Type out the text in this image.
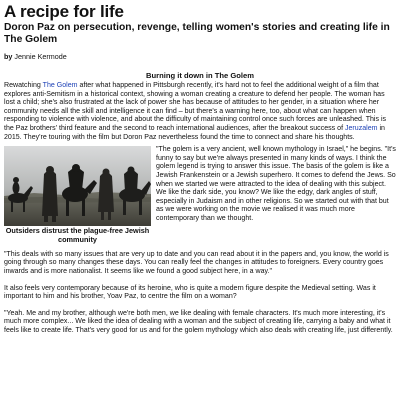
A recipe for life
Doron Paz on persecution, revenge, telling women's stories and creating life in The Golem
by Jennie Kermode
Burning it down in The Golem

Rewatching The Golem after what happened in Pittsburgh recently, it's hard not to feel the additional weight of a film that explores anti-Semitism in a historical context, showing a woman creating a creature to defend her people. The woman has lost a child; she's also frustrated at the lack of power she has because of attitudes to her gender, in a situation where her community needs all the skill and intelligence it can find – but there's a warning here, too, about what can happen when responding to violence with violence, and about the difficulty of maintaining control once such forces are unleashed. This is the Paz brothers' third feature and the second to reach international audiences, after the breakout success of Jeruzalem in 2015. They're touring with the film but Doron Paz nevertheless found the time to connect and share his thoughts.

Outsiders distrust the plague-free Jewish community

"The golem is a very ancient, well known mythology in Israel," he begins. "It's funny to say but we're always presented in many kinds of ways. I think the golem legend is trying to answer this issue. The basis of the golem is like a Jewish Frankenstein or a Jewish superhero. It comes to defend the Jews. So when we started we were attracted to the idea of dealing with this subject. We like the dark side, you know? We like the edgy, dark angles of stuff, especially in Judaism and in other religions. So we started out with that but as we were working on the movie we realised it was much more contemporary than we thought.

"This deals with so many issues that are very up to date and you can read about it in the papers and, you know, the world is going through so many changes these days. You can really feel the changes in attitudes to foreigners. Every country goes inwards and is more nationalist. It seems like we found a good subject here, in a way."

It also feels very contemporary because of its heroine, who is quite a modern figure despite the Medieval setting. Was it important to him and his brother, Yoav Paz, to centre the film on a woman?

"Yeah. Me and my brother, although we're both men, we like dealing with female characters. It's much more interesting, it's much more complex... We liked the idea of dealing with a woman and the subject of creating life, carrying a baby and what it feels like to create life. That's very good for us and for the golem mythology which also deals with creating life, just differently.
